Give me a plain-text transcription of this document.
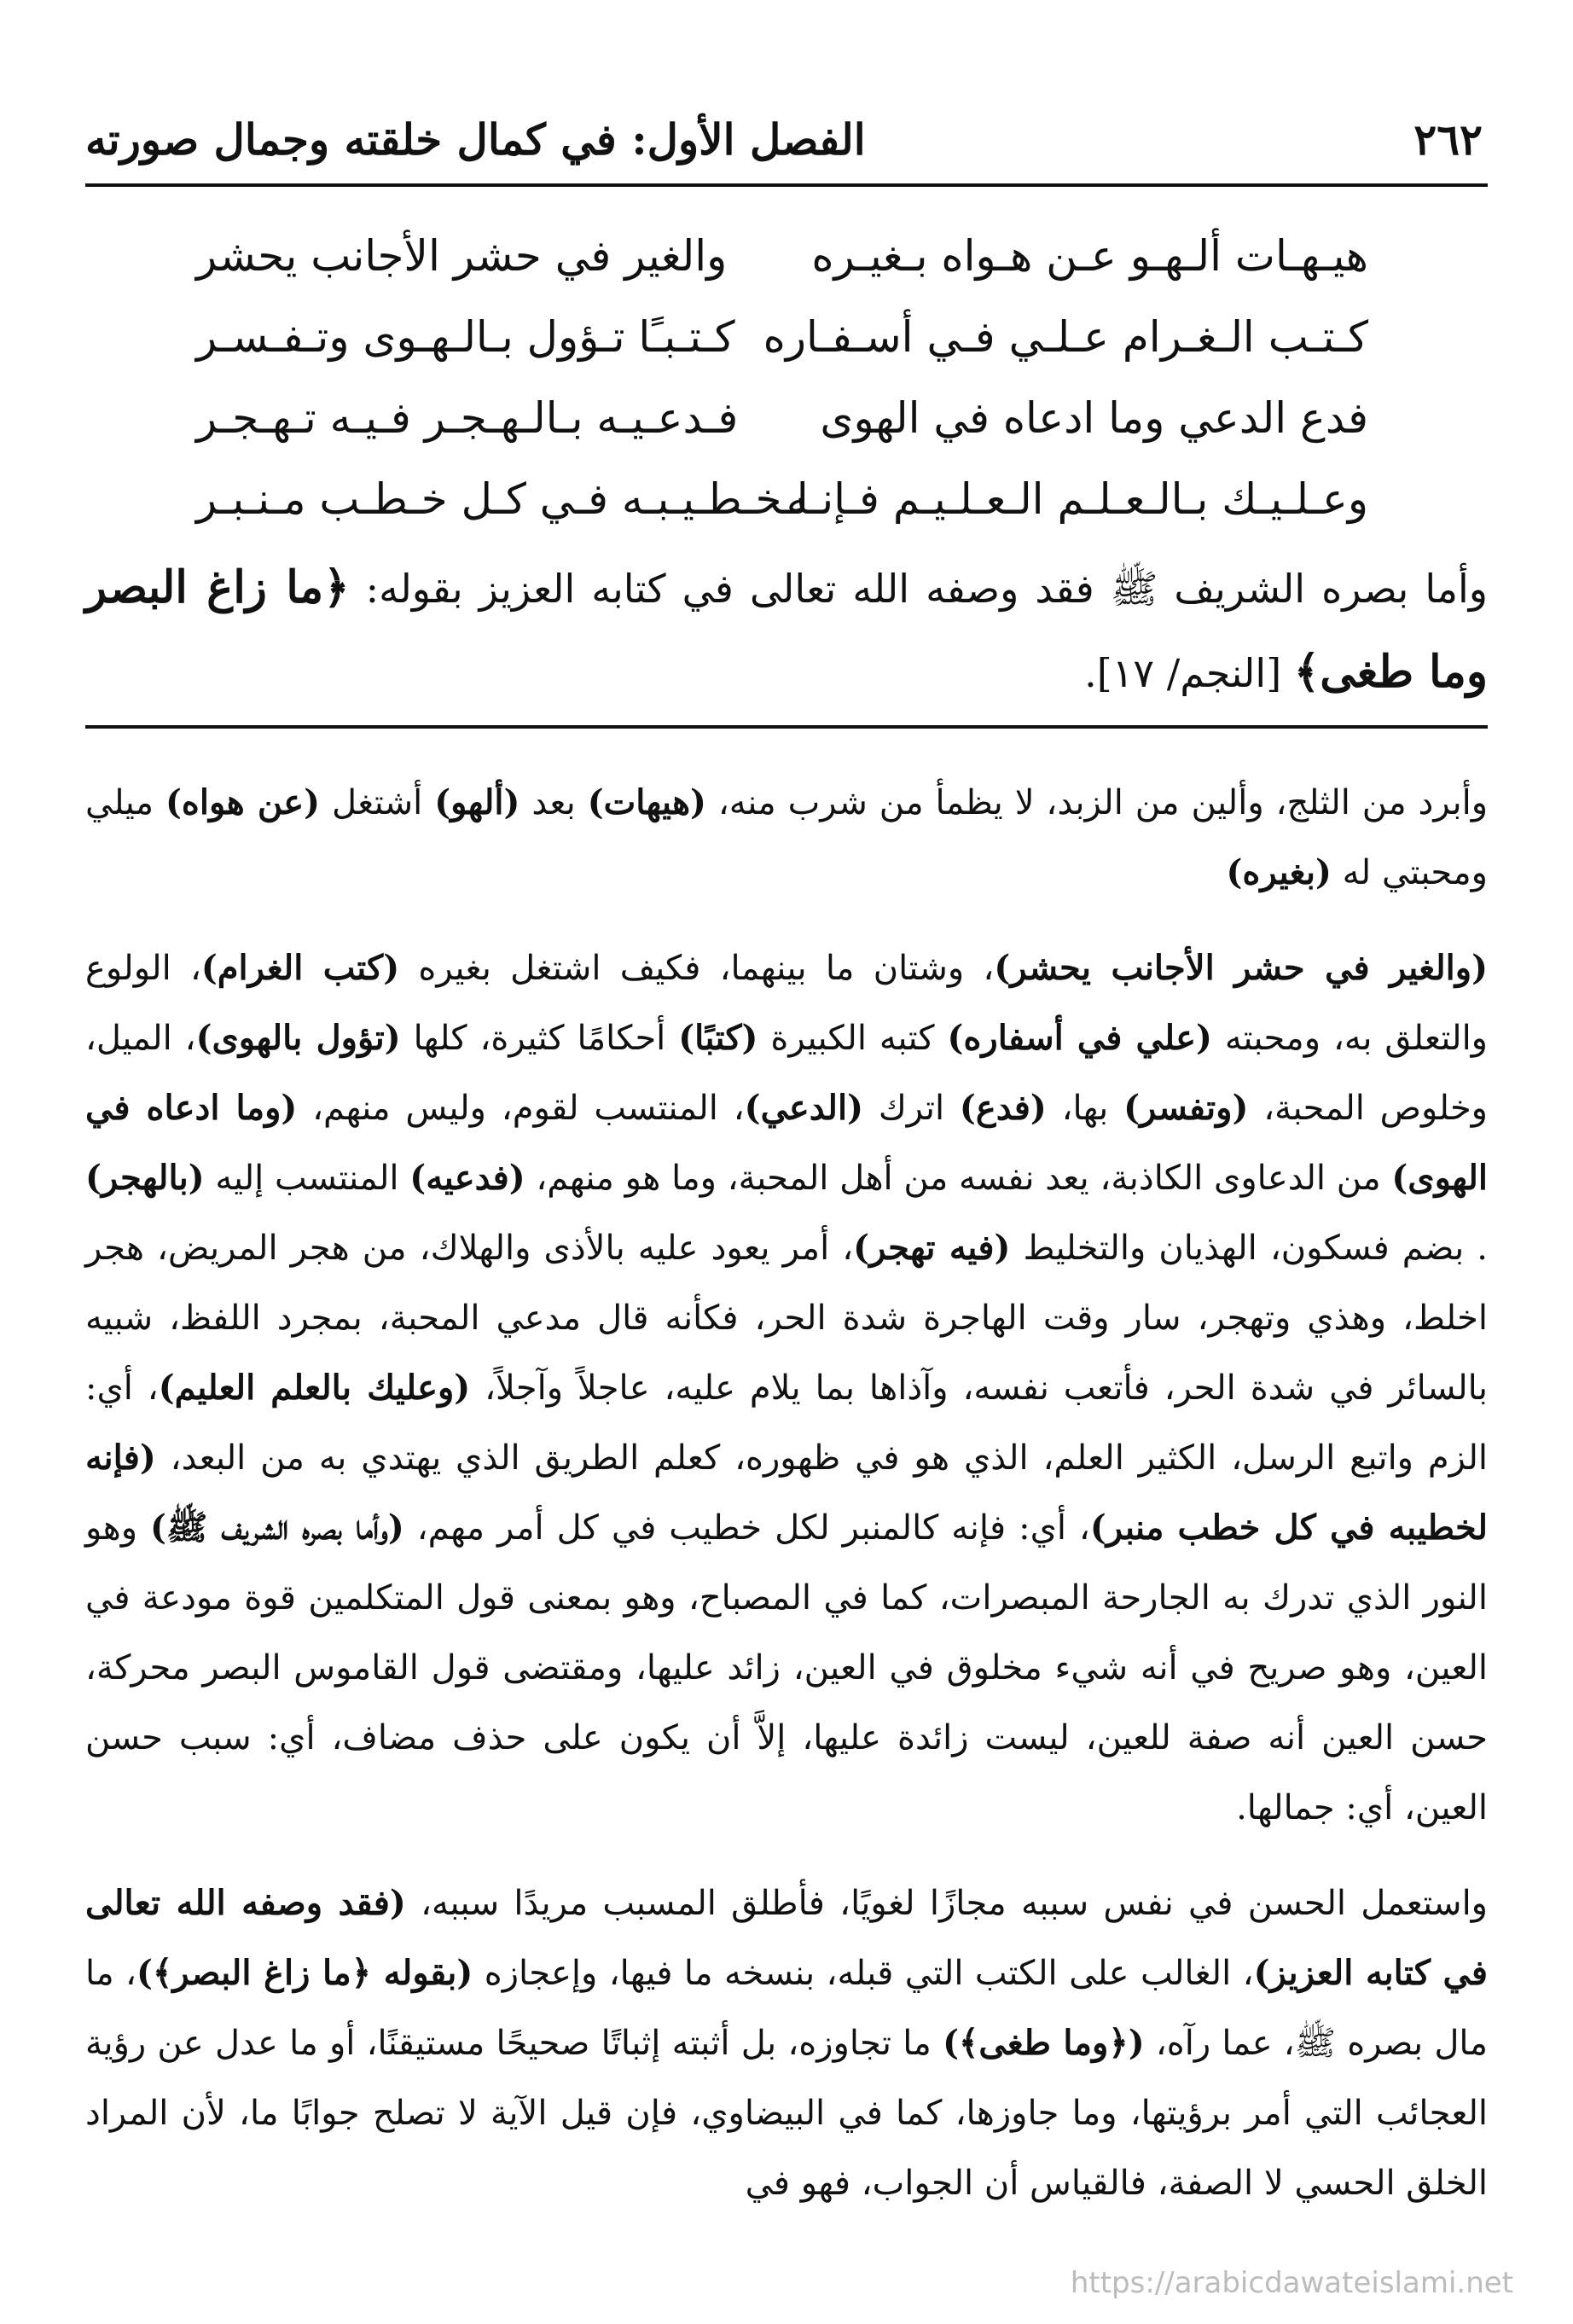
٢٦٢
الفصل الأول: في كمال خلقته وجمال صورته
هيـهـات ألـهـو عـن هـواه بـغيـره
والغير في حشر الأجانب يحشر
كـتـب الـغـرام عـلـي فـي أسـفـاره
كـتـبـًا تـؤول بـالـهـوى وتـفـسـر
فدع الدعي وما ادعاه في الهوى
فـدعـيـه بـالـهـجـر فـيـه تـهـجـر
وعـلـيـك بـالـعـلـم الـعـلـيـم فـإنـه
لـخـطـيـبـه فـي كـل خـطـب مـنـبـر
وأما بصره الشريف ﷺ فقد وصفه الله تعالى في كتابه العزيز بقوله: ﴿ما زاغ البصر وما طغى﴾ [النجم/ ١٧].

وأبرد من الثلج، وألين من الزبد، لا يظمأ من شرب منه، (هيهات) بعد (ألهو) أشتغل (عن هواه) ميلي ومحبتي له (بغيره)

(والغير في حشر الأجانب يحشر)، وشتان ما بينهما، فكيف اشتغل بغيره (كتب الغرام)، الولوع والتعلق به، ومحبته (علي في أسفاره) كتبه الكبيرة (كتبًا) أحكامًا كثيرة، كلها (تؤول بالهوى)، الميل، وخلوص المحبة، (وتفسر) بها، (فدع) اترك (الدعي)، المنتسب لقوم، وليس منهم، (وما ادعاه في الهوى) من الدعاوى الكاذبة، يعد نفسه من أهل المحبة، وما هو منهم، (فدعيه) المنتسب إليه (بالهجر) . بضم فسكون، الهذيان والتخليط (فيه تهجر)، أمر يعود عليه بالأذى والهلاك، من هجر المريض، هجر اخلط، وهذي وتهجر، سار وقت الهاجرة شدة الحر، فكأنه قال مدعي المحبة، بمجرد اللفظ، شبيه بالسائر في شدة الحر، فأتعب نفسه، وآذاها بما يلام عليه، عاجلاً وآجلاً، (وعليك بالعلم العليم)، أي: الزم واتبع الرسل، الكثير العلم، الذي هو في ظهوره، كعلم الطريق الذي يهتدي به من البعد، (فإنه لخطيبه في كل خطب منبر)، أي: فإنه كالمنبر لكل خطيب في كل أمر مهم، (وأما بصره الشريف ﷺ) وهو النور الذي تدرك به الجارحة المبصرات، كما في المصباح، وهو بمعنى قول المتكلمين قوة مودعة في العين، وهو صريح في أنه شيء مخلوق في العين، زائد عليها، ومقتضى قول القاموس البصر محركة، حسن العين أنه صفة للعين، ليست زائدة عليها، إلاَّ أن يكون على حذف مضاف، أي: سبب حسن العين، أي: جمالها.

واستعمل الحسن في نفس سببه مجازًا لغويًا، فأطلق المسبب مريدًا سببه، (فقد وصفه الله تعالى في كتابه العزيز)، الغالب على الكتب التي قبله، بنسخه ما فيها، وإعجازه (بقوله ﴿ما زاغ البصر﴾)، ما مال بصره ﷺ، عما رآه، (﴿وما طغى﴾) ما تجاوزه، بل أثبته إثباتًا صحيحًا مستيقنًا، أو ما عدل عن رؤية العجائب التي أمر برؤيتها، وما جاوزها، كما في البيضاوي، فإن قيل الآية لا تصلح جوابًا ما، لأن المراد الخلق الحسي لا الصفة، فالقياس أن الجواب، فهو في

https://arabicdawateislami.net
